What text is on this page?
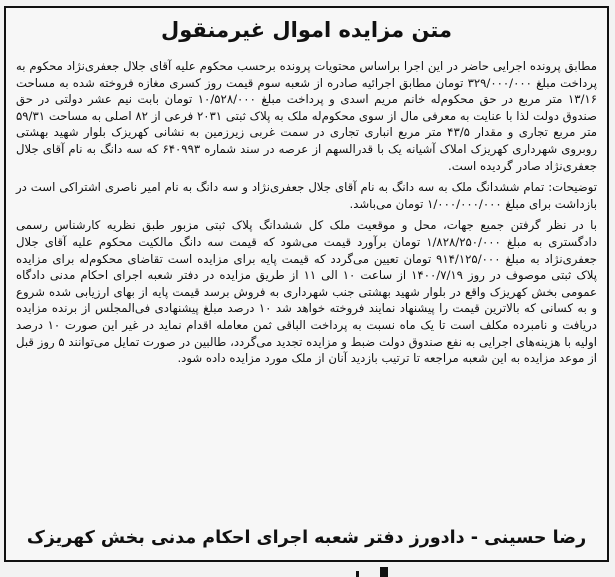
متن مزایده اموال غیرمنقول

مطابق پرونده اجرایی حاضر در این اجرا براساس محتویات پرونده برحسب محکوم علیه آقای جلال جعفری‌نژاد محکوم به پرداخت مبلغ ۳۲۹/۰۰۰/۰۰۰ تومان مطابق اجرائیه صادره از شعبه سوم قیمت روز کسری مغازه فروخته شده به مساحت ۱۳/۱۶ متر مربع در حق محکوم‌له خانم مریم اسدی و پرداخت مبلغ ۱۰/۵۲۸/۰۰۰ تومان بابت نیم عشر دولتی در حق صندوق دولت لذا با عنایت به معرفی مال از سوی محکوم‌له ملک به پلاک ثبتی ۲۰۳۱ فرعی از ۸۲ اصلی به مساحت ۵۹/۳۱ متر مربع تجاری و مقدار ۴۳/۵ متر مربع انباری تجاری در سمت غربی زیرزمین به نشانی کهریزک بلوار شهید بهشتی روبروی شهرداری کهریزک املاک آشیانه یک با قدرالسهم از عرصه در سند شماره ۶۴۰۹۹۳ که سه دانگ به نام آقای جلال جعفری‌نژاد صادر گردیده است.

توضیحات: تمام ششدانگ ملک به سه دانگ به نام آقای جلال جعفری‌نژاد و سه دانگ به نام امیر ناصری اشتراکی است در بازداشت برای مبلغ ۱/۰۰۰/۰۰۰/۰۰۰ تومان می‌باشد.

با در نظر گرفتن جمیع جهات، محل و موقعیت ملک کل ششدانگ پلاک ثبتی مزبور طبق نظریه کارشناس رسمی دادگستری به مبلغ ۱/۸۲۸/۲۵۰/۰۰۰ تومان برآورد قیمت می‌شود که قیمت سه دانگ مالکیت محکوم علیه آقای جلال جعفری‌نژاد به مبلغ ۹۱۴/۱۲۵/۰۰۰ تومان تعیین می‌گردد که قیمت پایه برای مزایده است تقاضای محکوم‌له برای مزایده پلاک ثبتی موصوف در روز ۱۴۰۰/۷/۱۹ از ساعت ۱۰ الی ۱۱ از طریق مزایده در دفتر شعبه اجرای احکام مدنی دادگاه عمومی بخش کهریزک واقع در بلوار شهید بهشتی جنب شهرداری به فروش برسد قیمت پایه از بهای ارزیابی شده شروع و به کسانی که بالاترین قیمت را پیشنهاد نمایند فروخته خواهد شد ۱۰ درصد مبلغ پیشنهادی فی‌المجلس از برنده مزایده دریافت و نامبرده مکلف است تا یک ماه نسبت به پرداخت الباقی ثمن معامله اقدام نماید در غیر این صورت ۱۰ درصد اولیه با هزینه‌های اجرایی به نفع صندوق دولت ضبط و مزایده تجدید می‌گردد، طالبین در صورت تمایل می‌توانند ۵ روز قبل از موعد مزایده به این شعبه مراجعه تا ترتیب بازدید آنان از ملک مورد مزایده داده شود.

رضا حسینی - دادورز دفتر شعبه اجرای احکام مدنی بخش کهریزک
